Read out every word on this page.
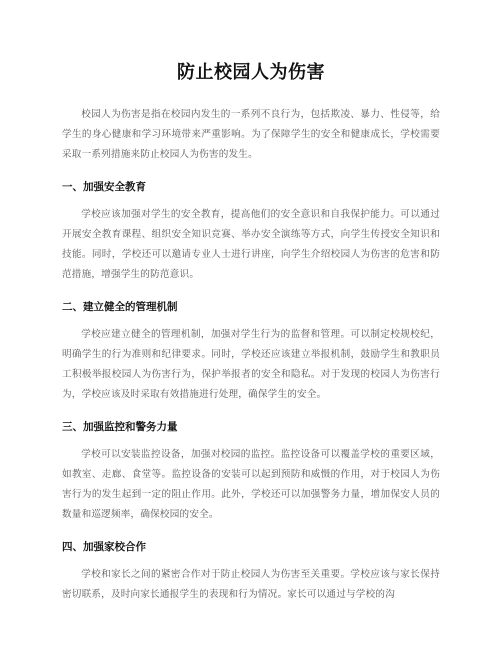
防止校园人为伤害

校园人为伤害是指在校园内发生的一系列不良行为，包括欺凌、暴力、性侵等，给学生的身心健康和学习环境带来严重影响。为了保障学生的安全和健康成长，学校需要采取一系列措施来防止校园人为伤害的发生。

一、加强安全教育

学校应该加强对学生的安全教育，提高他们的安全意识和自我保护能力。可以通过开展安全教育课程、组织安全知识竞赛、举办安全演练等方式，向学生传授安全知识和技能。同时，学校还可以邀请专业人士进行讲座，向学生介绍校园人为伤害的危害和防范措施，增强学生的防范意识。

二、建立健全的管理机制

学校应建立健全的管理机制，加强对学生行为的监督和管理。可以制定校规校纪，明确学生的行为准则和纪律要求。同时，学校还应该建立举报机制，鼓励学生和教职员工积极举报校园人为伤害行为，保护举报者的安全和隐私。对于发现的校园人为伤害行为，学校应该及时采取有效措施进行处理，确保学生的安全。

三、加强监控和警务力量

学校可以安装监控设备，加强对校园的监控。监控设备可以覆盖学校的重要区域，如教室、走廊、食堂等。监控设备的安装可以起到预防和威慑的作用，对于校园人为伤害行为的发生起到一定的阻止作用。此外，学校还可以加强警务力量，增加保安人员的数量和巡逻频率，确保校园的安全。

四、加强家校合作

学校和家长之间的紧密合作对于防止校园人为伤害至关重要。学校应该与家长保持密切联系，及时向家长通报学生的表现和行为情况。家长可以通过与学校的沟
